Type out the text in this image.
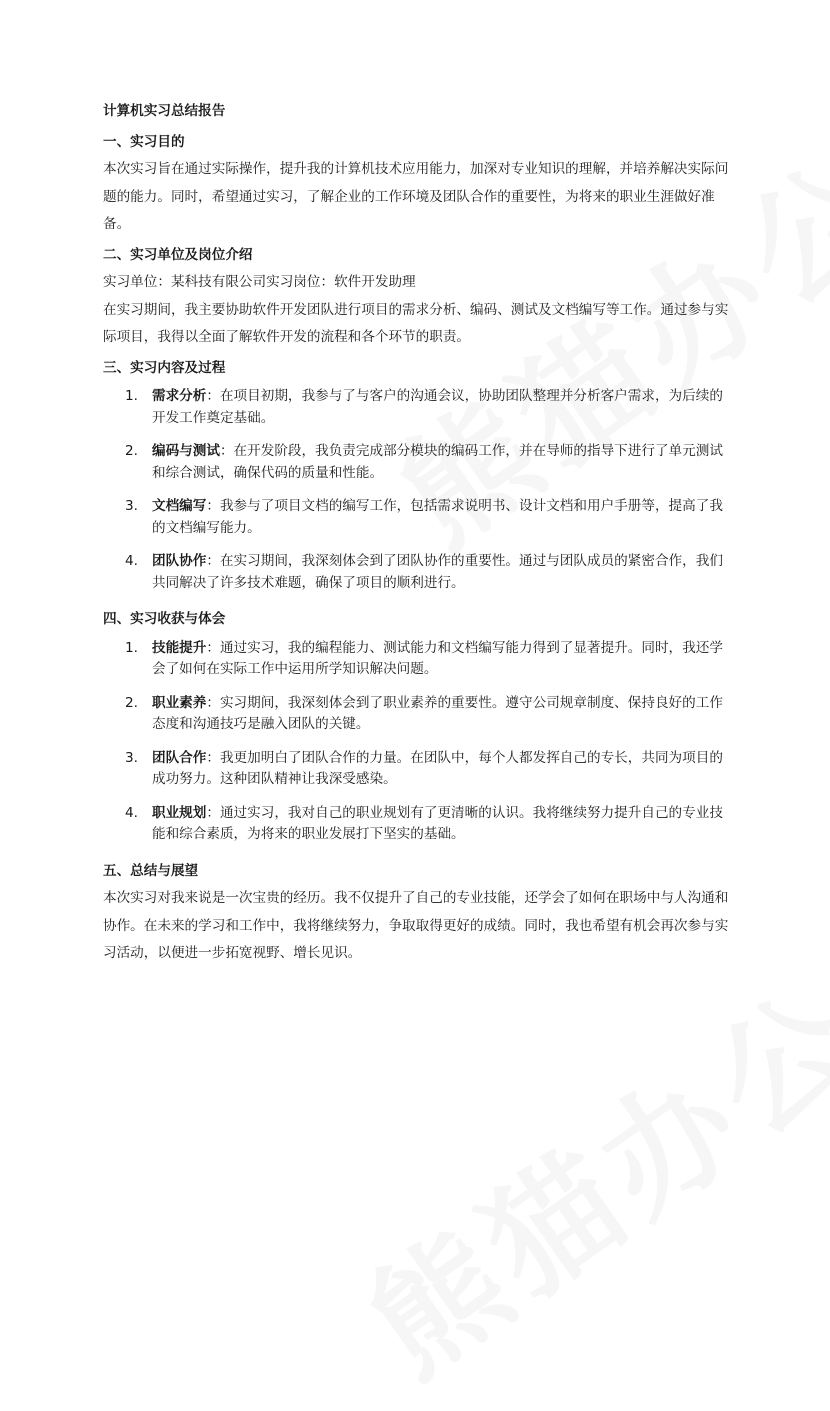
计算机实习总结报告
一、实习目的

本次实习旨在通过实际操作，提升我的计算机技术应用能力，加深对专业知识的理解，并培养解决实际问题的能力。同时，希望通过实习，了解企业的工作环境及团队合作的重要性，为将来的职业生涯做好准备。

二、实习单位及岗位介绍

实习单位：某科技有限公司实习岗位：软件开发助理

在实习期间，我主要协助软件开发团队进行项目的需求分析、编码、测试及文档编写等工作。通过参与实际项目，我得以全面了解软件开发的流程和各个环节的职责。

三、实习内容及过程
1. 需求分析：在项目初期，我参与了与客户的沟通会议，协助团队整理并分析客户需求，为后续的开发工作奠定基础。
2. 编码与测试：在开发阶段，我负责完成部分模块的编码工作，并在导师的指导下进行了单元测试和综合测试，确保代码的质量和性能。
3. 文档编写：我参与了项目文档的编写工作，包括需求说明书、设计文档和用户手册等，提高了我的文档编写能力。
4. 团队协作：在实习期间，我深刻体会到了团队协作的重要性。通过与团队成员的紧密合作，我们共同解决了许多技术难题，确保了项目的顺利进行。
四、实习收获与体会
1. 技能提升：通过实习，我的编程能力、测试能力和文档编写能力得到了显著提升。同时，我还学会了如何在实际工作中运用所学知识解决问题。
2. 职业素养：实习期间，我深刻体会到了职业素养的重要性。遵守公司规章制度、保持良好的工作态度和沟通技巧是融入团队的关键。
3. 团队合作：我更加明白了团队合作的力量。在团队中，每个人都发挥自己的专长，共同为项目的成功努力。这种团队精神让我深受感染。
4. 职业规划：通过实习，我对自己的职业规划有了更清晰的认识。我将继续努力提升自己的专业技能和综合素质，为将来的职业发展打下坚实的基础。
五、总结与展望

本次实习对我来说是一次宝贵的经历。我不仅提升了自己的专业技能，还学会了如何在职场中与人沟通和协作。在未来的学习和工作中，我将继续努力，争取取得更好的成绩。同时，我也希望有机会再次参与实习活动，以便进一步拓宽视野、增长见识。
